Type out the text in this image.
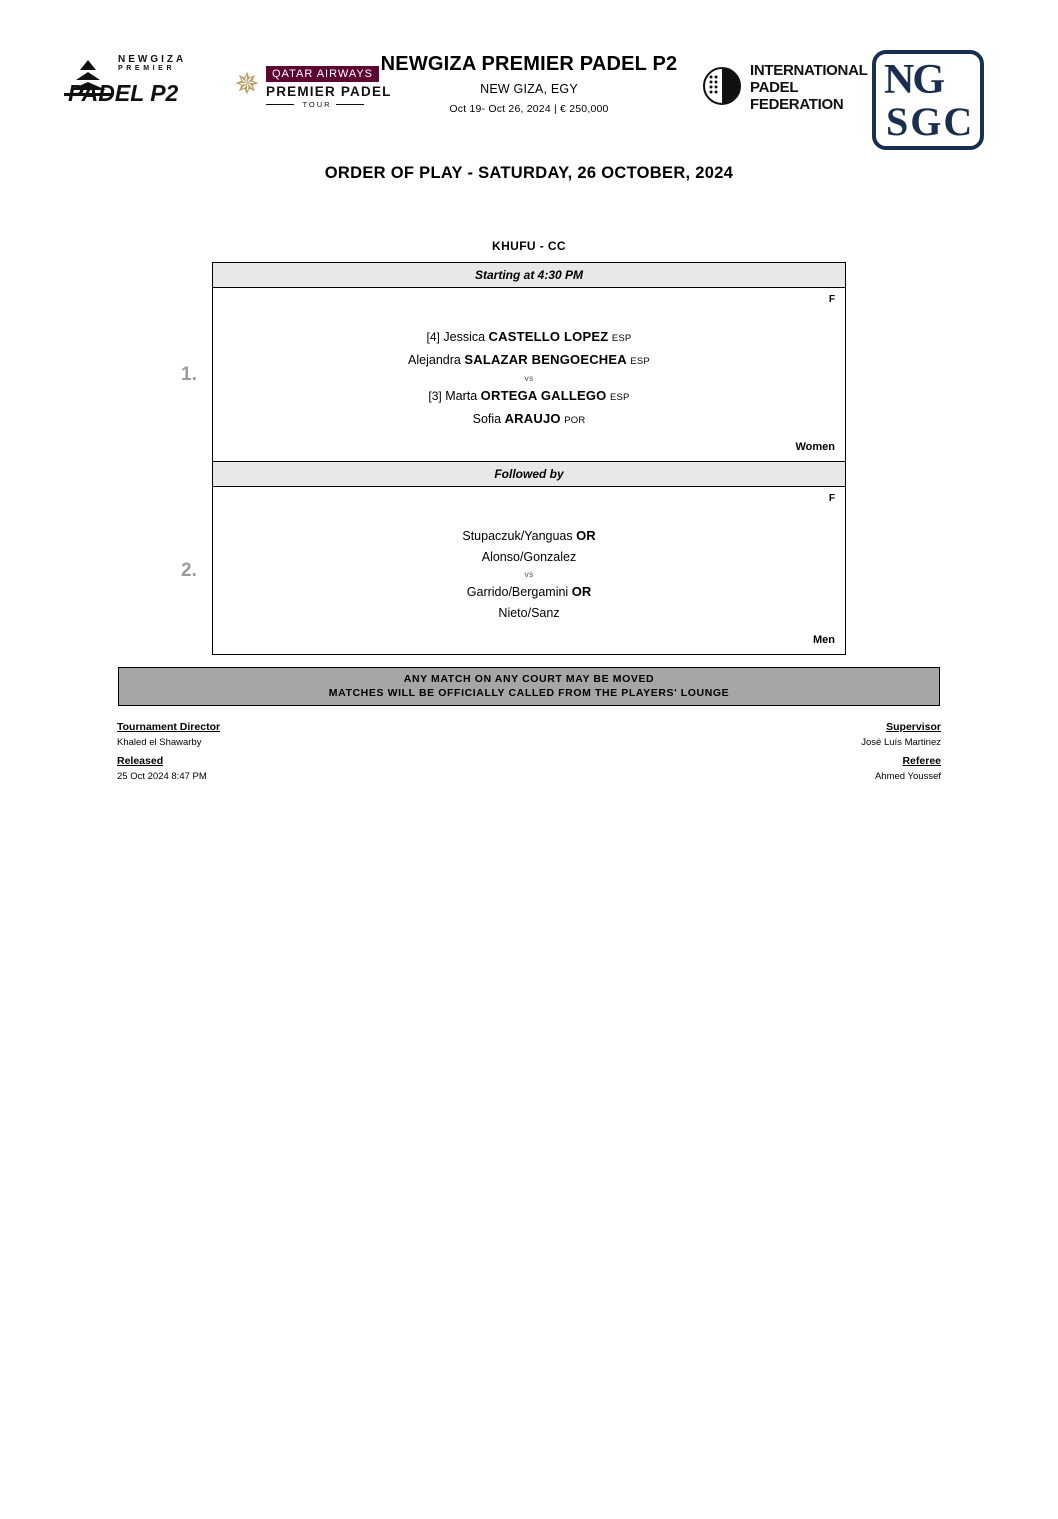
NEWGIZA
PREMIER
PADEL P2 ✵	QATAR AIRWAYS
PREMIER PADEL
TOUR
NEWGIZA PREMIER PADEL P2
NEW GIZA, EGY
Oct 19- Oct 26, 2024 | € 250,000
INTERNATIONAL
PADEL
FEDERATION
NG
SGC
ORDER OF PLAY - SATURDAY, 26 OCTOBER, 2024
KHUFU - CC
Starting at 4:30 PM
1.
F
[4] Jessica CASTELLO LOPEZ ESP
Alejandra SALAZAR BENGOECHEA ESP
vs
[3] Marta ORTEGA GALLEGO ESP
Sofia ARAUJO POR
Women
Followed by
2.
F
Stupaczuk/Yanguas OR
Alonso/Gonzalez
vs
Garrido/Bergamini OR
Nieto/Sanz
Men
ANY MATCH ON ANY COURT MAY BE MOVED
MATCHES WILL BE OFFICIALLY CALLED FROM THE PLAYERS' LOUNGE
Tournament Director
Khaled el Shawarby
Released
25 Oct 2024 8:47 PM
Supervisor
José Luís Martinez
Referee
Ahmed Youssef
